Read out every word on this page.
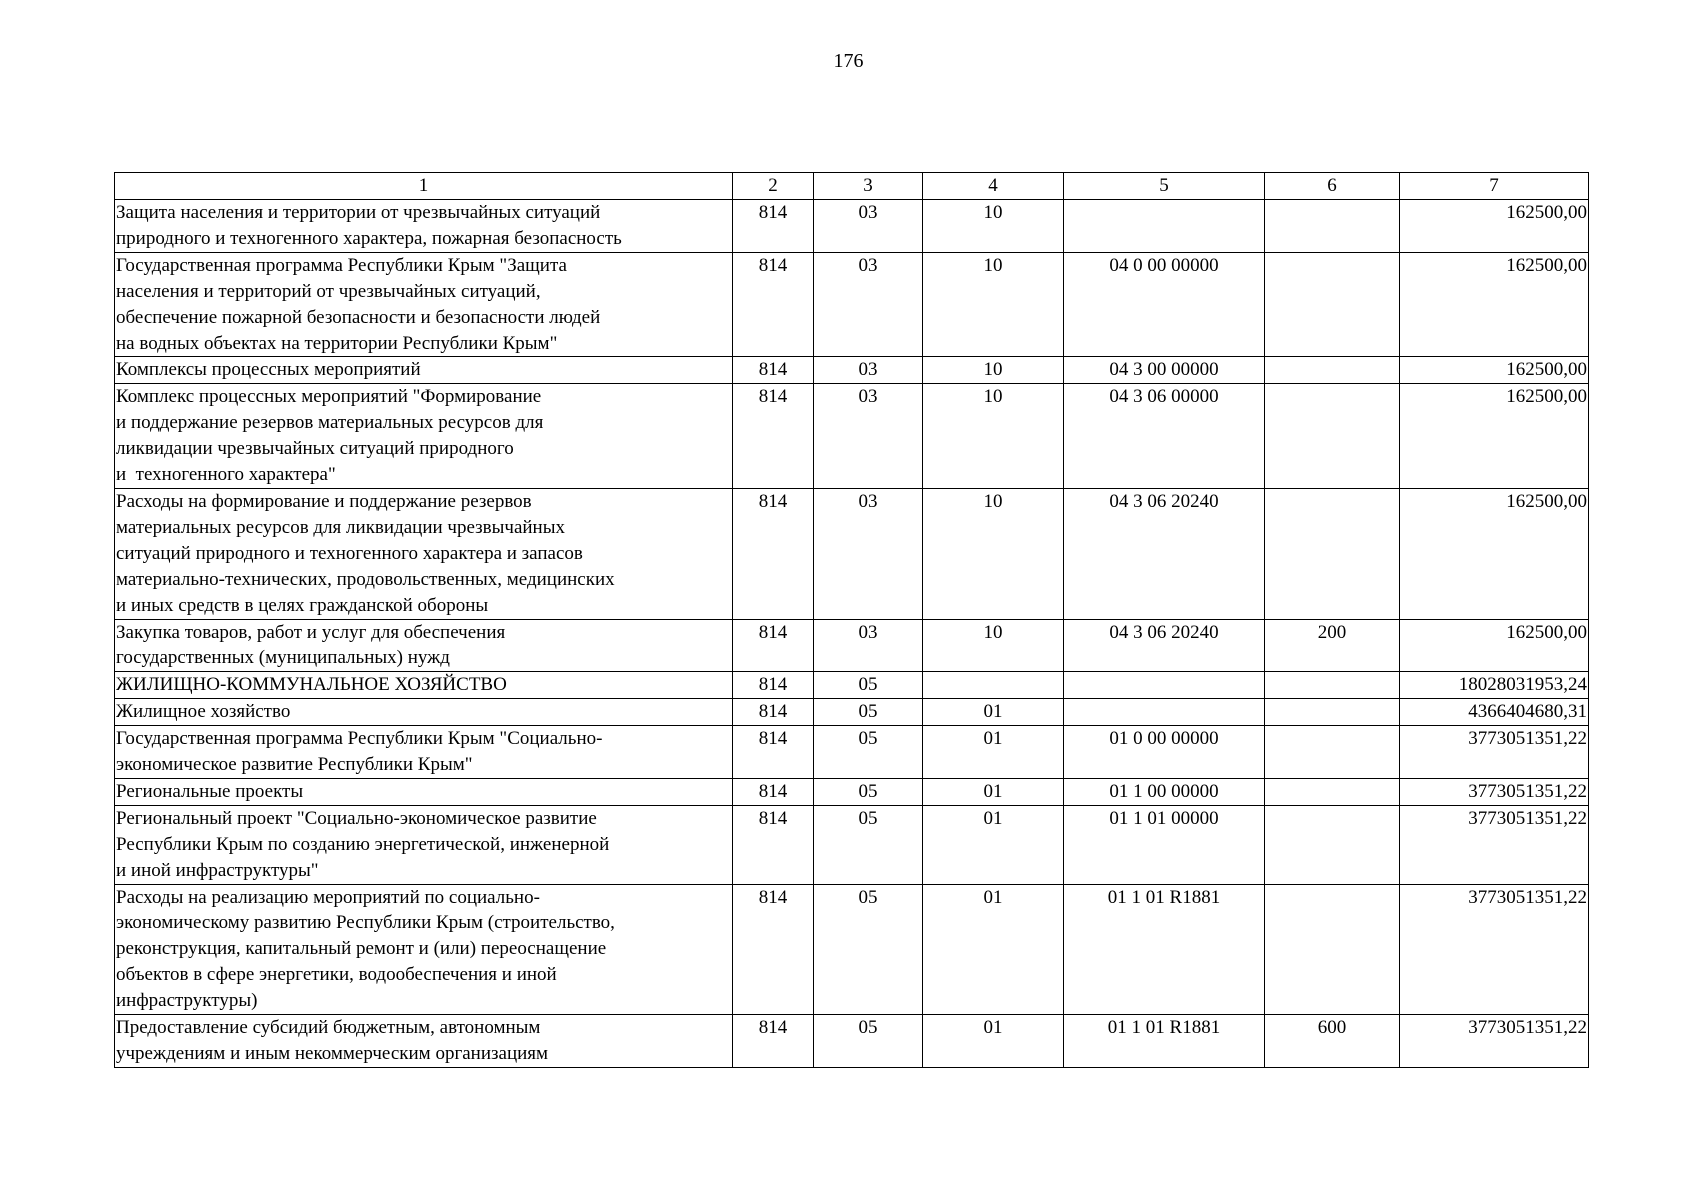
176
1	2	3	4	5	6	7

Защита населения и территории от чрезвычайных ситуаций
природного и техногенного характера, пожарная безопасность	814	03	10			162500,00

Государственная программа Республики Крым "Защита
населения и территорий от чрезвычайных ситуаций,
обеспечение пожарной безопасности и безопасности людей
на водных объектах на территории Республики Крым"	814	03	10	04 0 00 00000		162500,00

Комплексы процессных мероприятий	814	03	10	04 3 00 00000		162500,00

Комплекс процессных мероприятий "Формирование
и поддержание резервов материальных ресурсов для
ликвидации чрезвычайных ситуаций природного
и  техногенного характера"	814	03	10	04 3 06 00000		162500,00

Расходы на формирование и поддержание резервов
материальных ресурсов для ликвидации чрезвычайных
ситуаций природного и техногенного характера и запасов
материально-технических, продовольственных, медицинских
и иных средств в целях гражданской обороны	814	03	10	04 3 06 20240		162500,00

Закупка товаров, работ и услуг для обеспечения
государственных (муниципальных) нужд	814	03	10	04 3 06 20240	200	162500,00

ЖИЛИЩНО-КОММУНАЛЬНОЕ ХОЗЯЙСТВО	814	05				18028031953,24

Жилищное хозяйство	814	05	01			4366404680,31

Государственная программа Республики Крым "Социально-
экономическое развитие Республики Крым"	814	05	01	01 0 00 00000		3773051351,22

Региональные проекты	814	05	01	01 1 00 00000		3773051351,22

Региональный проект "Социально-экономическое развитие
Республики Крым по созданию энергетической, инженерной
и иной инфраструктуры"	814	05	01	01 1 01 00000		3773051351,22

Расходы на реализацию мероприятий по социально-
экономическому развитию Республики Крым (строительство,
реконструкция, капитальный ремонт и (или) переоснащение
объектов в сфере энергетики, водообеспечения и иной
инфраструктуры)	814	05	01	01 1 01 R1881		3773051351,22

Предоставление субсидий бюджетным, автономным
учреждениям и иным некоммерческим организациям	814	05	01	01 1 01 R1881	600	3773051351,22
